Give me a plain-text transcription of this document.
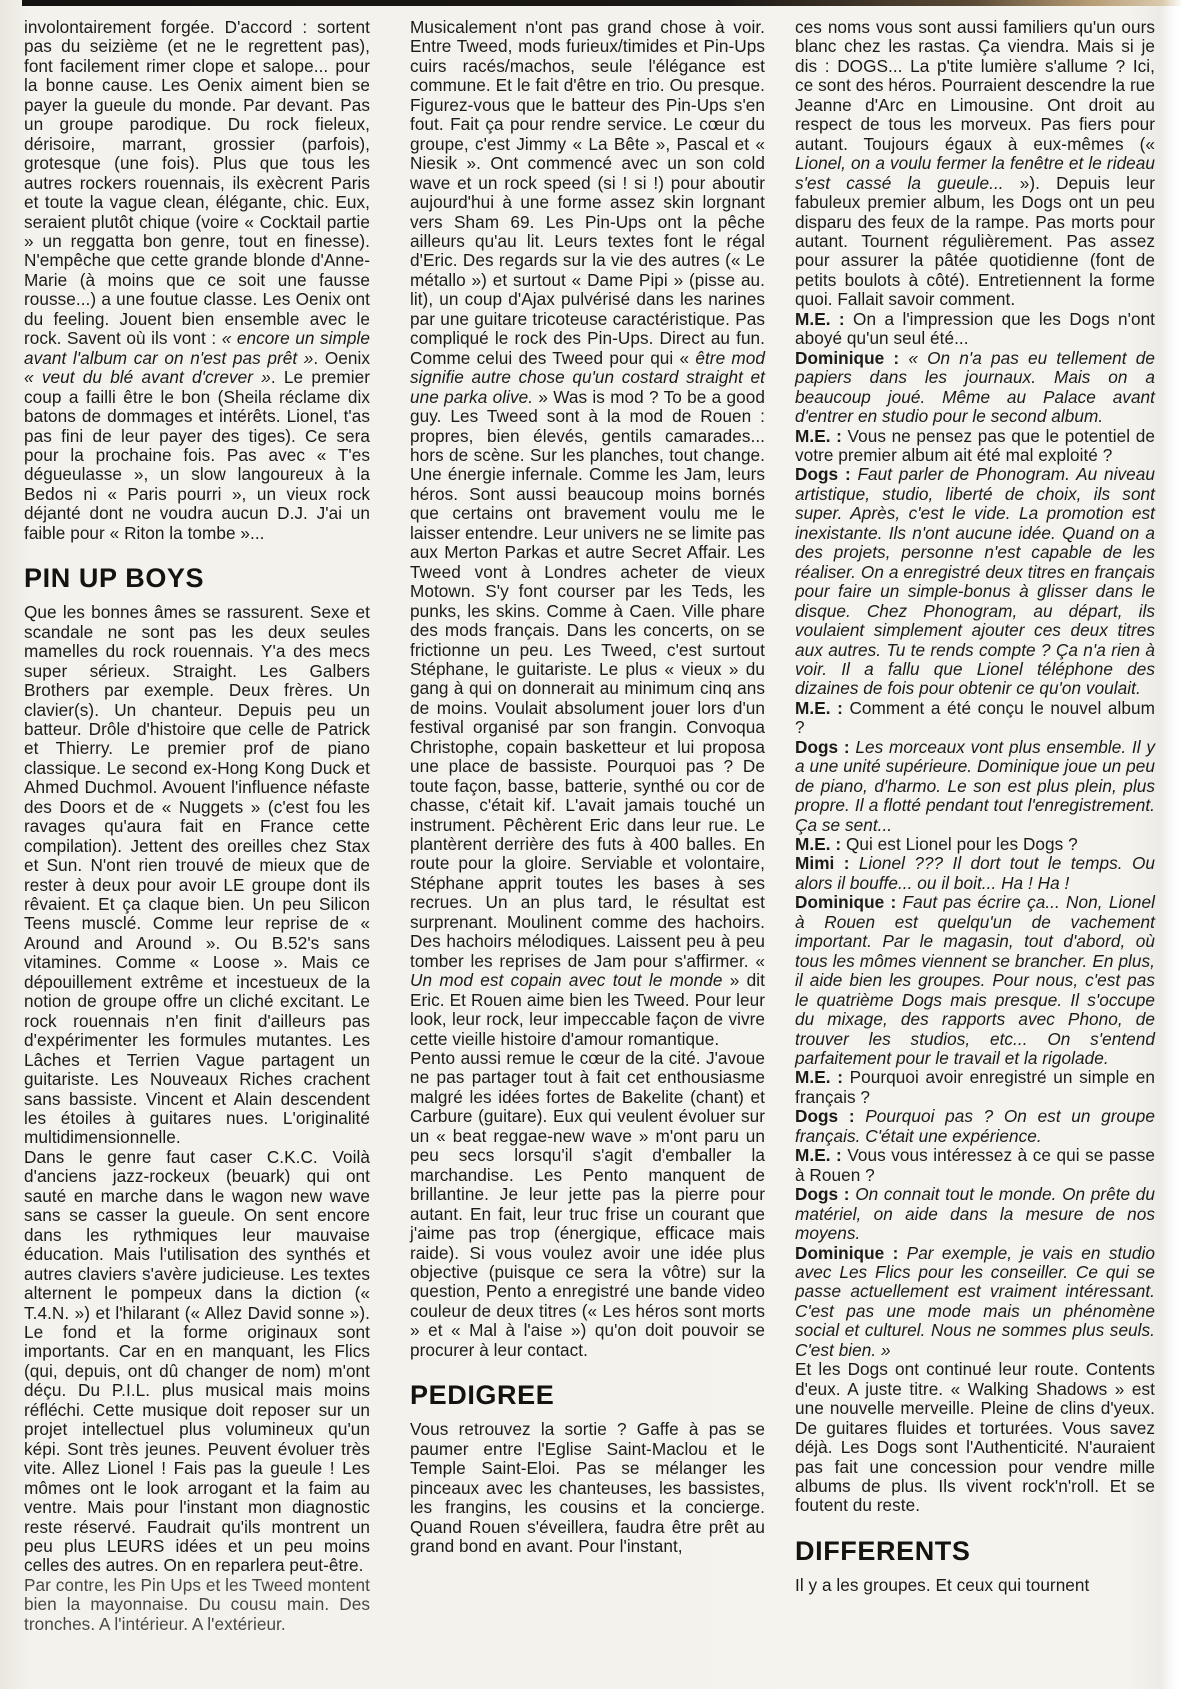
involontairement forgée. D'accord : sortent pas du seizième (et ne le regrettent pas), font facilement rimer clope et salope... pour la bonne cause. Les Oenix aiment bien se payer la gueule du monde. Par devant. Pas un groupe parodique. Du rock fieleux, dérisoire, marrant, grossier (parfois), grotesque (une fois). Plus que tous les autres rockers rouennais, ils exècrent Paris et toute la vague clean, élégante, chic. Eux, seraient plutôt chique (voire « Cocktail partie » un reggatta bon genre, tout en finesse). N'empêche que cette grande blonde d'Anne-Marie (à moins que ce soit une fausse rousse...) a une foutue classe. Les Oenix ont du feeling. Jouent bien ensemble avec le rock. Savent où ils vont : « encore un simple avant l'album car on n'est pas prêt ». Oenix « veut du blé avant d'crever ». Le premier coup a failli être le bon (Sheila réclame dix batons de dommages et intérêts. Lionel, t'as pas fini de leur payer des tiges). Ce sera pour la prochaine fois. Pas avec « T'es dégueulasse », un slow langoureux à la Bedos ni « Paris pourri », un vieux rock déjanté dont ne voudra aucun D.J. J'ai un faible pour « Riton la tombe »...

PIN UP BOYS

Que les bonnes âmes se rassurent. Sexe et scandale ne sont pas les deux seules mamelles du rock rouennais. Y'a des mecs super sérieux. Straight. Les Galbers Brothers par exemple. Deux frères. Un clavier(s). Un chanteur. Depuis peu un batteur. Drôle d'histoire que celle de Patrick et Thierry. Le premier prof de piano classique. Le second ex-Hong Kong Duck et Ahmed Duchmol. Avouent l'influence néfaste des Doors et de « Nuggets » (c'est fou les ravages qu'aura fait en France cette compilation). Jettent des oreilles chez Stax et Sun. N'ont rien trouvé de mieux que de rester à deux pour avoir LE groupe dont ils rêvaient. Et ça claque bien. Un peu Silicon Teens musclé. Comme leur reprise de « Around and Around ». Ou B.52's sans vitamines. Comme « Loose ». Mais ce dépouillement extrême et incestueux de la notion de groupe offre un cliché excitant. Le rock rouennais n'en finit d'ailleurs pas d'expérimenter les formules mutantes. Les Lâches et Terrien Vague partagent un guitariste. Les Nouveaux Riches crachent sans bassiste. Vincent et Alain descendent les étoiles à guitares nues. L'originalité multidimensionnelle.

Dans le genre faut caser C.K.C. Voilà d'anciens jazz-rockeux (beuark) qui ont sauté en marche dans le wagon new wave sans se casser la gueule. On sent encore dans les rythmiques leur mauvaise éducation. Mais l'utilisation des synthés et autres claviers s'avère judicieuse. Les textes alternent le pompeux dans la diction (« T.4.N. ») et l'hilarant (« Allez David sonne »). Le fond et la forme originaux sont importants. Car en en manquant, les Flics (qui, depuis, ont dû changer de nom) m'ont déçu. Du P.I.L. plus musical mais moins réfléchi. Cette musique doit reposer sur un projet intellectuel plus volumineux qu'un képi. Sont très jeunes. Peuvent évoluer très vite. Allez Lionel ! Fais pas la gueule ! Les mômes ont le look arrogant et la faim au ventre. Mais pour l'instant mon diagnostic reste réservé. Faudrait qu'ils montrent un peu plus LEURS idées et un peu moins celles des autres. On en reparlera peut-être.

Par contre, les Pin Ups et les Tweed montent bien la mayonnaise. Du cousu main. Des tronches. A l'intérieur. A l'extérieur.

Musicalement n'ont pas grand chose à voir. Entre Tweed, mods furieux/timides et Pin-Ups cuirs racés/machos, seule l'élégance est commune. Et le fait d'être en trio. Ou presque. Figurez-vous que le batteur des Pin-Ups s'en fout. Fait ça pour rendre service. Le cœur du groupe, c'est Jimmy « La Bête », Pascal et « Niesik ». Ont commencé avec un son cold wave et un rock speed (si ! si !) pour aboutir aujourd'hui à une forme assez skin lorgnant vers Sham 69. Les Pin-Ups ont la pêche ailleurs qu'au lit. Leurs textes font le régal d'Eric. Des regards sur la vie des autres (« Le métallo ») et surtout « Dame Pipi » (pisse au. lit), un coup d'Ajax pulvérisé dans les narines par une guitare tricoteuse caractéristique. Pas compliqué le rock des Pin-Ups. Direct au fun. Comme celui des Tweed pour qui « être mod signifie autre chose qu'un costard straight et une parka olive. » Was is mod ? To be a good guy. Les Tweed sont à la mod de Rouen : propres, bien élevés, gentils camarades... hors de scène. Sur les planches, tout change. Une énergie infernale. Comme les Jam, leurs héros. Sont aussi beaucoup moins bornés que certains ont bravement voulu me le laisser entendre. Leur univers ne se limite pas aux Merton Parkas et autre Secret Affair. Les Tweed vont à Londres acheter de vieux Motown. S'y font courser par les Teds, les punks, les skins. Comme à Caen. Ville phare des mods français. Dans les concerts, on se frictionne un peu. Les Tweed, c'est surtout Stéphane, le guitariste. Le plus « vieux » du gang à qui on donnerait au minimum cinq ans de moins. Voulait absolument jouer lors d'un festival organisé par son frangin. Convoqua Christophe, copain basketteur et lui proposa une place de bassiste. Pourquoi pas ? De toute façon, basse, batterie, synthé ou cor de chasse, c'était kif. L'avait jamais touché un instrument. Pêchèrent Eric dans leur rue. Le plantèrent derrière des futs à 400 balles. En route pour la gloire. Serviable et volontaire, Stéphane apprit toutes les bases à ses recrues. Un an plus tard, le résultat est surprenant. Moulinent comme des hachoirs. Des hachoirs mélodiques. Laissent peu à peu tomber les reprises de Jam pour s'affirmer. « Un mod est copain avec tout le monde » dit Eric. Et Rouen aime bien les Tweed. Pour leur look, leur rock, leur impeccable façon de vivre cette vieille histoire d'amour romantique.

Pento aussi remue le cœur de la cité. J'avoue ne pas partager tout à fait cet enthousiasme malgré les idées fortes de Bakelite (chant) et Carbure (guitare). Eux qui veulent évoluer sur un « beat reggae-new wave » m'ont paru un peu secs lorsqu'il s'agit d'emballer la marchandise. Les Pento manquent de brillantine. Je leur jette pas la pierre pour autant. En fait, leur truc frise un courant que j'aime pas trop (énergique, efficace mais raide). Si vous voulez avoir une idée plus objective (puisque ce sera la vôtre) sur la question, Pento a enregistré une bande video couleur de deux titres (« Les héros sont morts » et « Mal à l'aise ») qu'on doit pouvoir se procurer à leur contact.

PEDIGREE

Vous retrouvez la sortie ? Gaffe à pas se paumer entre l'Eglise Saint-Maclou et le Temple Saint-Eloi. Pas se mélanger les pinceaux avec les chanteuses, les bassistes, les frangins, les cousins et la concierge. Quand Rouen s'éveillera, faudra être prêt au grand bond en avant. Pour l'instant,

ces noms vous sont aussi familiers qu'un ours blanc chez les rastas. Ça viendra. Mais si je dis : DOGS... La p'tite lumière s'allume ? Ici, ce sont des héros. Pourraient descendre la rue Jeanne d'Arc en Limousine. Ont droit au respect de tous les morveux. Pas fiers pour autant. Toujours égaux à eux-mêmes (« Lionel, on a voulu fermer la fenêtre et le rideau s'est cassé la gueule... »). Depuis leur fabuleux premier album, les Dogs ont un peu disparu des feux de la rampe. Pas morts pour autant. Tournent régulièrement. Pas assez pour assurer la pâtée quotidienne (font de petits boulots à côté). Entretiennent la forme quoi. Fallait savoir comment.

M.E. : On a l'impression que les Dogs n'ont aboyé qu'un seul été...

Dominique : « On n'a pas eu tellement de papiers dans les journaux. Mais on a beaucoup joué. Même au Palace avant d'entrer en studio pour le second album.

M.E. : Vous ne pensez pas que le potentiel de votre premier album ait été mal exploité ?

Dogs : Faut parler de Phonogram. Au niveau artistique, studio, liberté de choix, ils sont super. Après, c'est le vide. La promotion est inexistante. Ils n'ont aucune idée. Quand on a des projets, personne n'est capable de les réaliser. On a enregistré deux titres en français pour faire un simple-bonus à glisser dans le disque. Chez Phonogram, au départ, ils voulaient simplement ajouter ces deux titres aux autres. Tu te rends compte ? Ça n'a rien à voir. Il a fallu que Lionel téléphone des dizaines de fois pour obtenir ce qu'on voulait.

M.E. : Comment a été conçu le nouvel album ?

Dogs : Les morceaux vont plus ensemble. Il y a une unité supérieure. Dominique joue un peu de piano, d'harmo. Le son est plus plein, plus propre. Il a flotté pendant tout l'enregistrement. Ça se sent...

M.E. : Qui est Lionel pour les Dogs ?

Mimi : Lionel ??? Il dort tout le temps. Ou alors il bouffe... ou il boit... Ha ! Ha !

Dominique : Faut pas écrire ça... Non, Lionel à Rouen est quelqu'un de vachement important. Par le magasin, tout d'abord, où tous les mômes viennent se brancher. En plus, il aide bien les groupes. Pour nous, c'est pas le quatrième Dogs mais presque. Il s'occupe du mixage, des rapports avec Phono, de trouver les studios, etc... On s'entend parfaitement pour le travail et la rigolade.

M.E. : Pourquoi avoir enregistré un simple en français ?

Dogs : Pourquoi pas ? On est un groupe français. C'était une expérience.

M.E. : Vous vous intéressez à ce qui se passe à Rouen ?

Dogs : On connait tout le monde. On prête du matériel, on aide dans la mesure de nos moyens.

Dominique : Par exemple, je vais en studio avec Les Flics pour les conseiller. Ce qui se passe actuellement est vraiment intéressant. C'est pas une mode mais un phénomène social et culturel. Nous ne sommes plus seuls. C'est bien. »

Et les Dogs ont continué leur route. Contents d'eux. A juste titre. « Walking Shadows » est une nouvelle merveille. Pleine de clins d'yeux. De guitares fluides et torturées. Vous savez déjà. Les Dogs sont l'Authenticité. N'auraient pas fait une concession pour vendre mille albums de plus. Ils vivent rock'n'roll. Et se foutent du reste.

DIFFERENTS

Il y a les groupes. Et ceux qui tournent
